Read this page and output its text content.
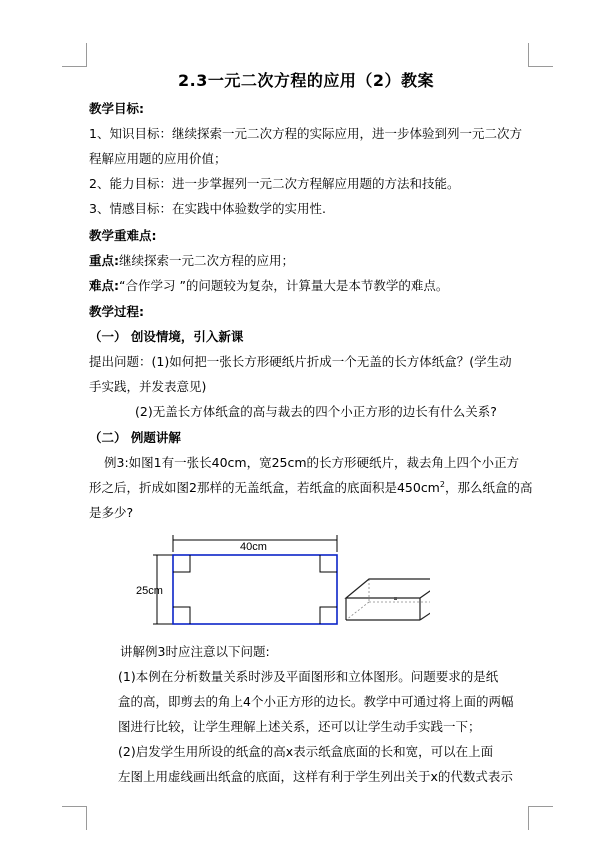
2.3一元二次方程的应用（2）教案
教学目标:
1、知识目标：继续探索一元二次方程的实际应用，进一步体验到列一元二次方
程解应用题的应用价值；
2、能力目标：进一步掌握列一元二次方程解应用题的方法和技能。
3、情感目标：在实践中体验数学的实用性.
教学重难点:
重点:继续探索一元二次方程的应用；
难点:“合作学习 ”的问题较为复杂，计算量大是本节教学的难点。
教学过程:
（一） 创设情境，引入新课
提出问题：(1)如何把一张长方形硬纸片折成一个无盖的长方体纸盒？(学生动
手实践，并发表意见)
(2)无盖长方体纸盒的高与裁去的四个小正方形的边长有什么关系?
（二） 例题讲解
例3:如图1有一张长40cm，宽25cm的长方形硬纸片，裁去角上四个小正方
形之后，折成如图2那样的无盖纸盒，若纸盒的底面积是$450cm^2$，那么纸盒的高
是多少?
40cm
25cm
讲解例3时应注意以下问题:
(1)本例在分析数量关系时涉及平面图形和立体图形。问题要求的是纸
盒的高，即剪去的角上4个小正方形的边长。教学中可通过将上面的两幅
图进行比较，让学生理解上述关系，还可以让学生动手实践一下；
(2)启发学生用所设的纸盒的高x表示纸盒底面的长和宽，可以在上面
左图上用虚线画出纸盒的底面，这样有利于学生列出关于x的代数式表示
